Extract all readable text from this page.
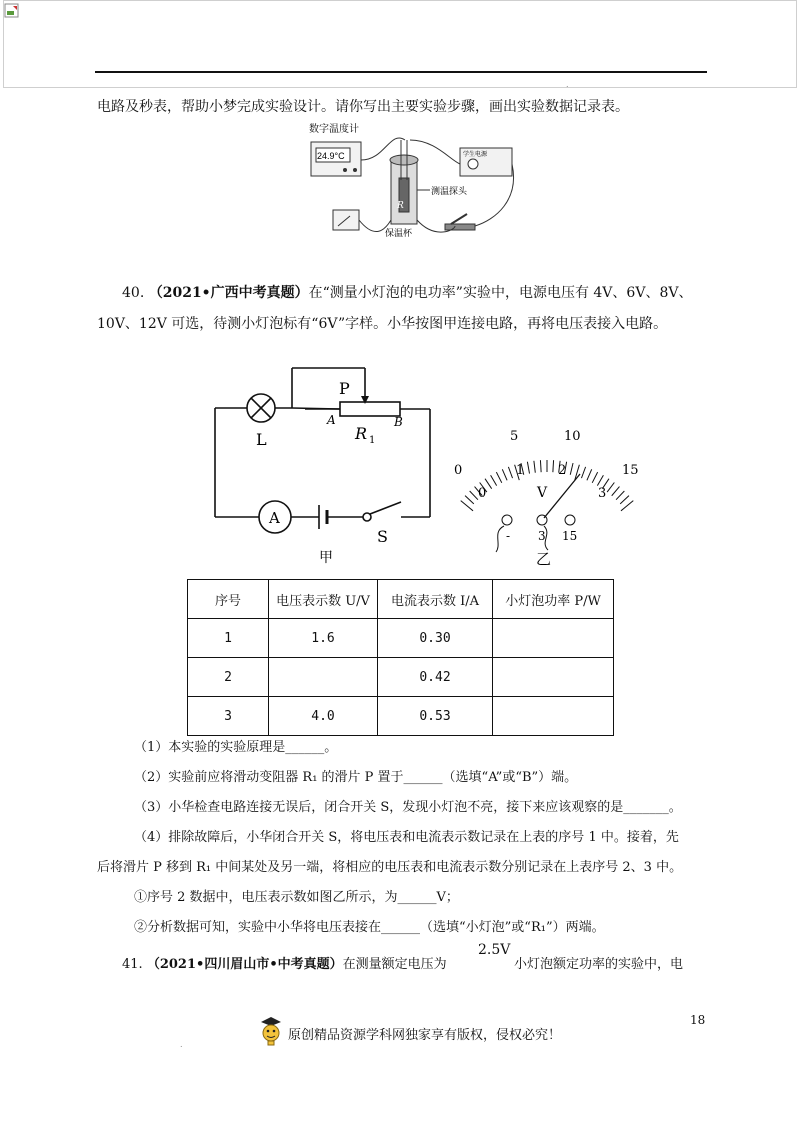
.
电路及秒表，帮助小梦完成实验设计。请你写出主要实验步骤，画出实验数据记录表。
数字温度计
24.9°C
R
测温探头
保温杯
学生电源
40. （2021•广西中考真题）在“测量小灯泡的电功率”实验中，电源电压有 4V、6V、8V、
10V、12V 可选，待测小灯泡标有“6V”字样。小华按图甲连接电路，再将电压表接入电路。
P
A	B
R 1
L
A
S
甲
0
5	10
15
0
1	2
3
V
- 3 15
乙
序号	电压表示数 U/V	电流表示数 I/A	小灯泡功率 P/W
1	1.6	0.30	
2		0.42	
3	4.0	0.53	
（1）本实验的实验原理是______。
（2）实验前应将滑动变阻器 R₁ 的滑片 P 置于______（选填“A”或“B”）端。
（3）小华检查电路连接无误后，闭合开关 S，发现小灯泡不亮，接下来应该观察的是_______。
（4）排除故障后，小华闭合开关 S，将电压表和电流表示数记录在上表的序号 1 中。接着，先
后将滑片 P 移到 R₁ 中间某处及另一端，将相应的电压表和电流表示数分别记录在上表序号 2、3 中。
①序号 2 数据中，电压表示数如图乙所示，为______V；
②分析数据可知，实验中小华将电压表接在______（选填“小灯泡”或“R₁”）两端。
41. （2021•四川眉山市•中考真题）在测量额定电压为
2.5V
小灯泡额定功率的实验中，电
18
.
原创精品资源学科网独家享有版权，侵权必究！
